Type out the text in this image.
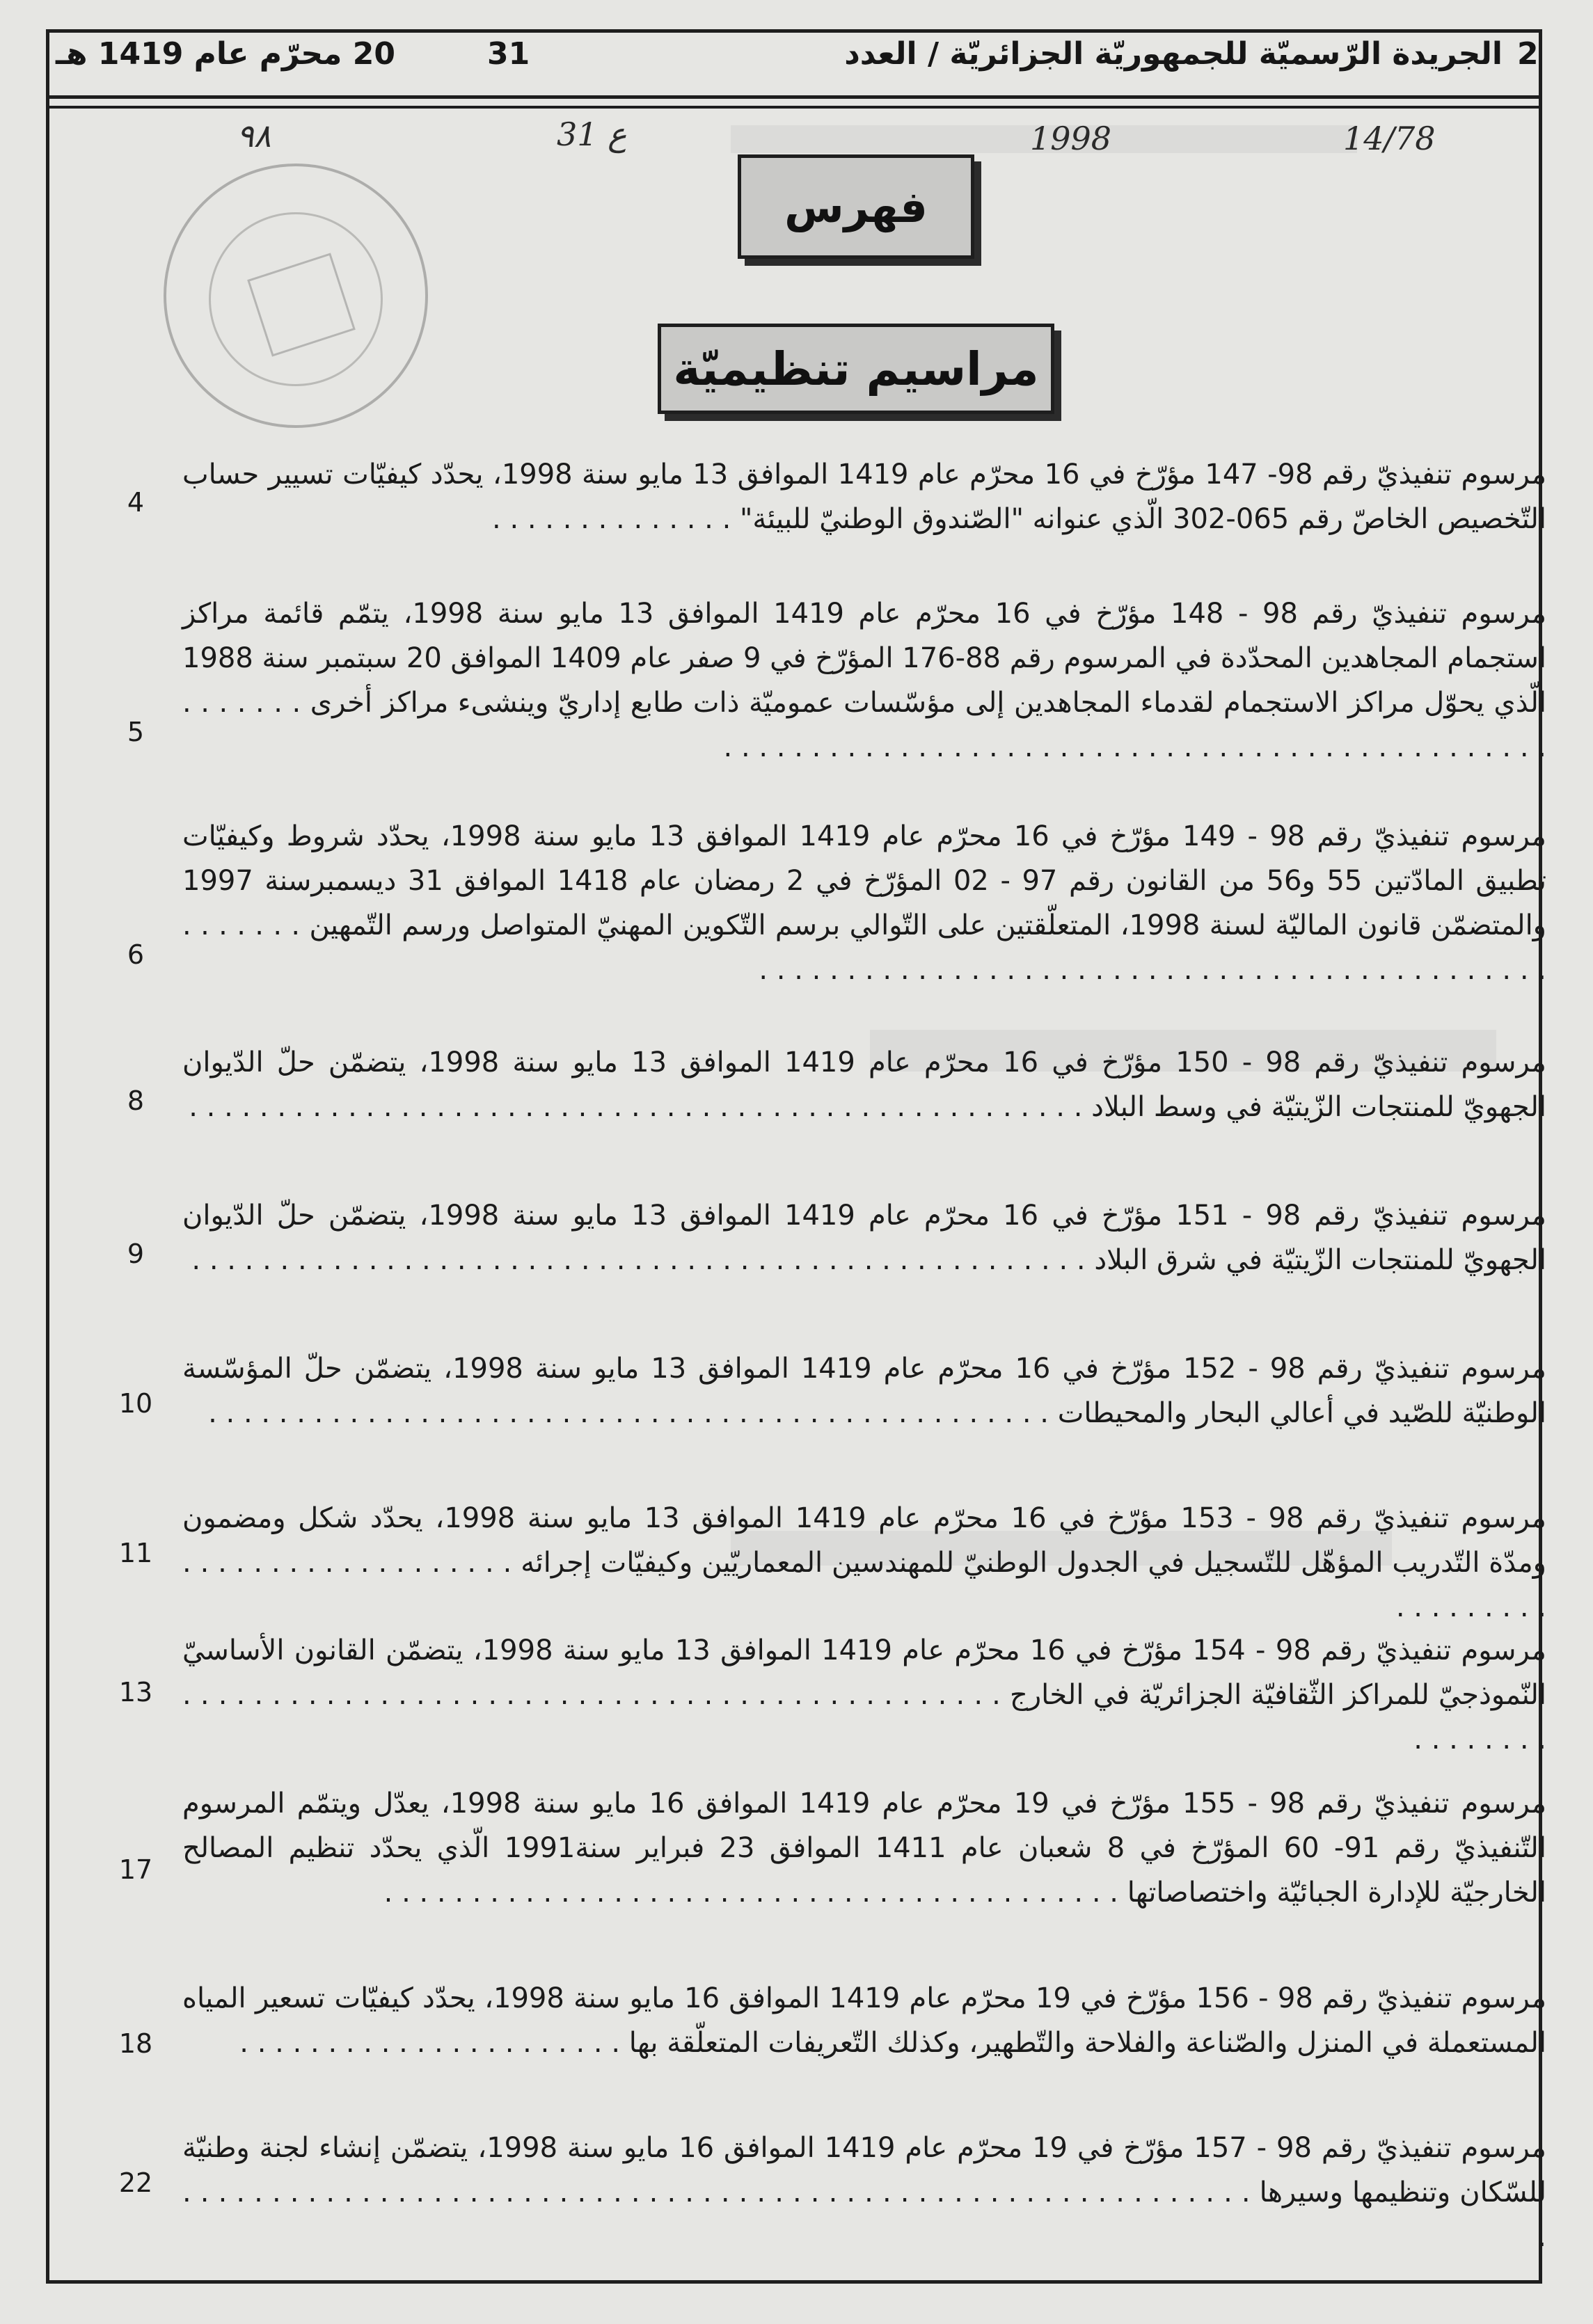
2
الجريدة الرّسميّة للجمهوريّة الجزائريّة / العدد
31
20 محرّم عام 1419 هـ
٩٨	31 ع	1998	14/78
فهرس
مراسيم تنظيميّة
مرسوم تنفيذيّ رقم 98- 147 مؤرّخ في 16 محرّم عام 1419 الموافق 13 مايو سنة 1998، يحدّد كيفيّات تسيير حساب التّخصيص الخاصّ رقم 065-302 الّذي عنوانه "الصّندوق الوطنيّ للبيئة" . . . . . . . . . . . . . .
4
مرسوم تنفيذيّ رقم 98 - 148 مؤرّخ في 16 محرّم عام 1419 الموافق 13 مايو سنة 1998، يتمّم قائمة مراكز استجمام المجاهدين المحدّدة في المرسوم رقم 88-176 المؤرّخ في 9 صفر عام 1409 الموافق 20 سبتمبر سنة 1988 الّذي يحوّل مراكز الاستجمام لقدماء المجاهدين إلى مؤسّسات عموميّة ذات طابع إداريّ وينشىء مراكز أخرى . . . . . . . . . . . . . . . . . . . . . . . . . . . . . . . . . . . . . . . . . . . . . . . . . . . . . .
5
مرسوم تنفيذيّ رقم 98 - 149 مؤرّخ في 16 محرّم عام 1419 الموافق 13 مايو سنة 1998، يحدّد شروط وكيفيّات تطبيق المادّتين 55 و56 من القانون رقم 97 - 02 المؤرّخ في 2 رمضان عام 1418 الموافق 31 ديسمبرسنة 1997 والمتضمّن قانون الماليّة لسنة 1998، المتعلّقتين على التّوالي برسم التّكوين المهنيّ المتواصل ورسم التّمهين . . . . . . . . . . . . . . . . . . . . . . . . . . . . . . . . . . . . . . . . . . . . . . . . . . . .
6
مرسوم تنفيذيّ رقم 98 - 150 مؤرّخ في 16 محرّم عام 1419 الموافق 13 مايو سنة 1998، يتضمّن حلّ الدّيوان الجهويّ للمنتجات الزّيتيّة في وسط البلاد . . . . . . . . . . . . . . . . . . . . . . . . . . . . . . . . . . . . . . . . . . . . . . . . . . .
8
مرسوم تنفيذيّ رقم 98 - 151 مؤرّخ في 16 محرّم عام 1419 الموافق 13 مايو سنة 1998، يتضمّن حلّ الدّيوان الجهويّ للمنتجات الزّيتيّة في شرق البلاد . . . . . . . . . . . . . . . . . . . . . . . . . . . . . . . . . . . . . . . . . . . . . . . . . . .
9
مرسوم تنفيذيّ رقم 98 - 152 مؤرّخ في 16 محرّم عام 1419 الموافق 13 مايو سنة 1998، يتضمّن حلّ المؤسّسة الوطنيّة للصّيد في أعالي البحار والمحيطات . . . . . . . . . . . . . . . . . . . . . . . . . . . . . . . . . . . . . . . . . . . . . . . .
10
مرسوم تنفيذيّ رقم 98 - 153 مؤرّخ في 16 محرّم عام 1419 الموافق 13 مايو سنة 1998، يحدّد شكل ومضمون ومدّة التّدريب المؤهّل للتّسجيل في الجدول الوطنيّ للمهندسين المعماريّين وكيفيّات إجرائه . . . . . . . . . . . . . . . . . . . . . . . . . . . .
11
مرسوم تنفيذيّ رقم 98 - 154 مؤرّخ في 16 محرّم عام 1419 الموافق 13 مايو سنة 1998، يتضمّن القانون الأساسيّ النّموذجيّ للمراكز الثّقافيّة الجزائريّة في الخارج . . . . . . . . . . . . . . . . . . . . . . . . . . . . . . . . . . . . . . . . . . . . . . . . . . . . . .
13
مرسوم تنفيذيّ رقم 98 - 155 مؤرّخ في 19 محرّم عام 1419 الموافق 16 مايو سنة 1998، يعدّل ويتمّم المرسوم التّنفيذيّ رقم 91- 60 المؤرّخ في 8 شعبان عام 1411 الموافق 23 فبراير سنة1991 الّذي يحدّد تنظيم المصالح الخارجيّة للإدارة الجبائيّة واختصاصاتها . . . . . . . . . . . . . . . . . . . . . . . . . . . . . . . . . . . . . . . . . .
17
مرسوم تنفيذيّ رقم 98 - 156 مؤرّخ في 19 محرّم عام 1419 الموافق 16 مايو سنة 1998، يحدّد كيفيّات تسعير المياه المستعملة في المنزل والصّناعة والفلاحة والتّطهير، وكذلك التّعريفات المتعلّقة بها . . . . . . . . . . . . . . . . . . . . . .
18
مرسوم تنفيذيّ رقم 98 - 157 مؤرّخ في 19 محرّم عام 1419 الموافق 16 مايو سنة 1998، يتضمّن إنشاء لجنة وطنيّة للسّكان وتنظيمها وسيرها . . . . . . . . . . . . . . . . . . . . . . . . . . . . . . . . . . . . . . . . . . . . . . . . . . . . . . . . . . . . .
22
